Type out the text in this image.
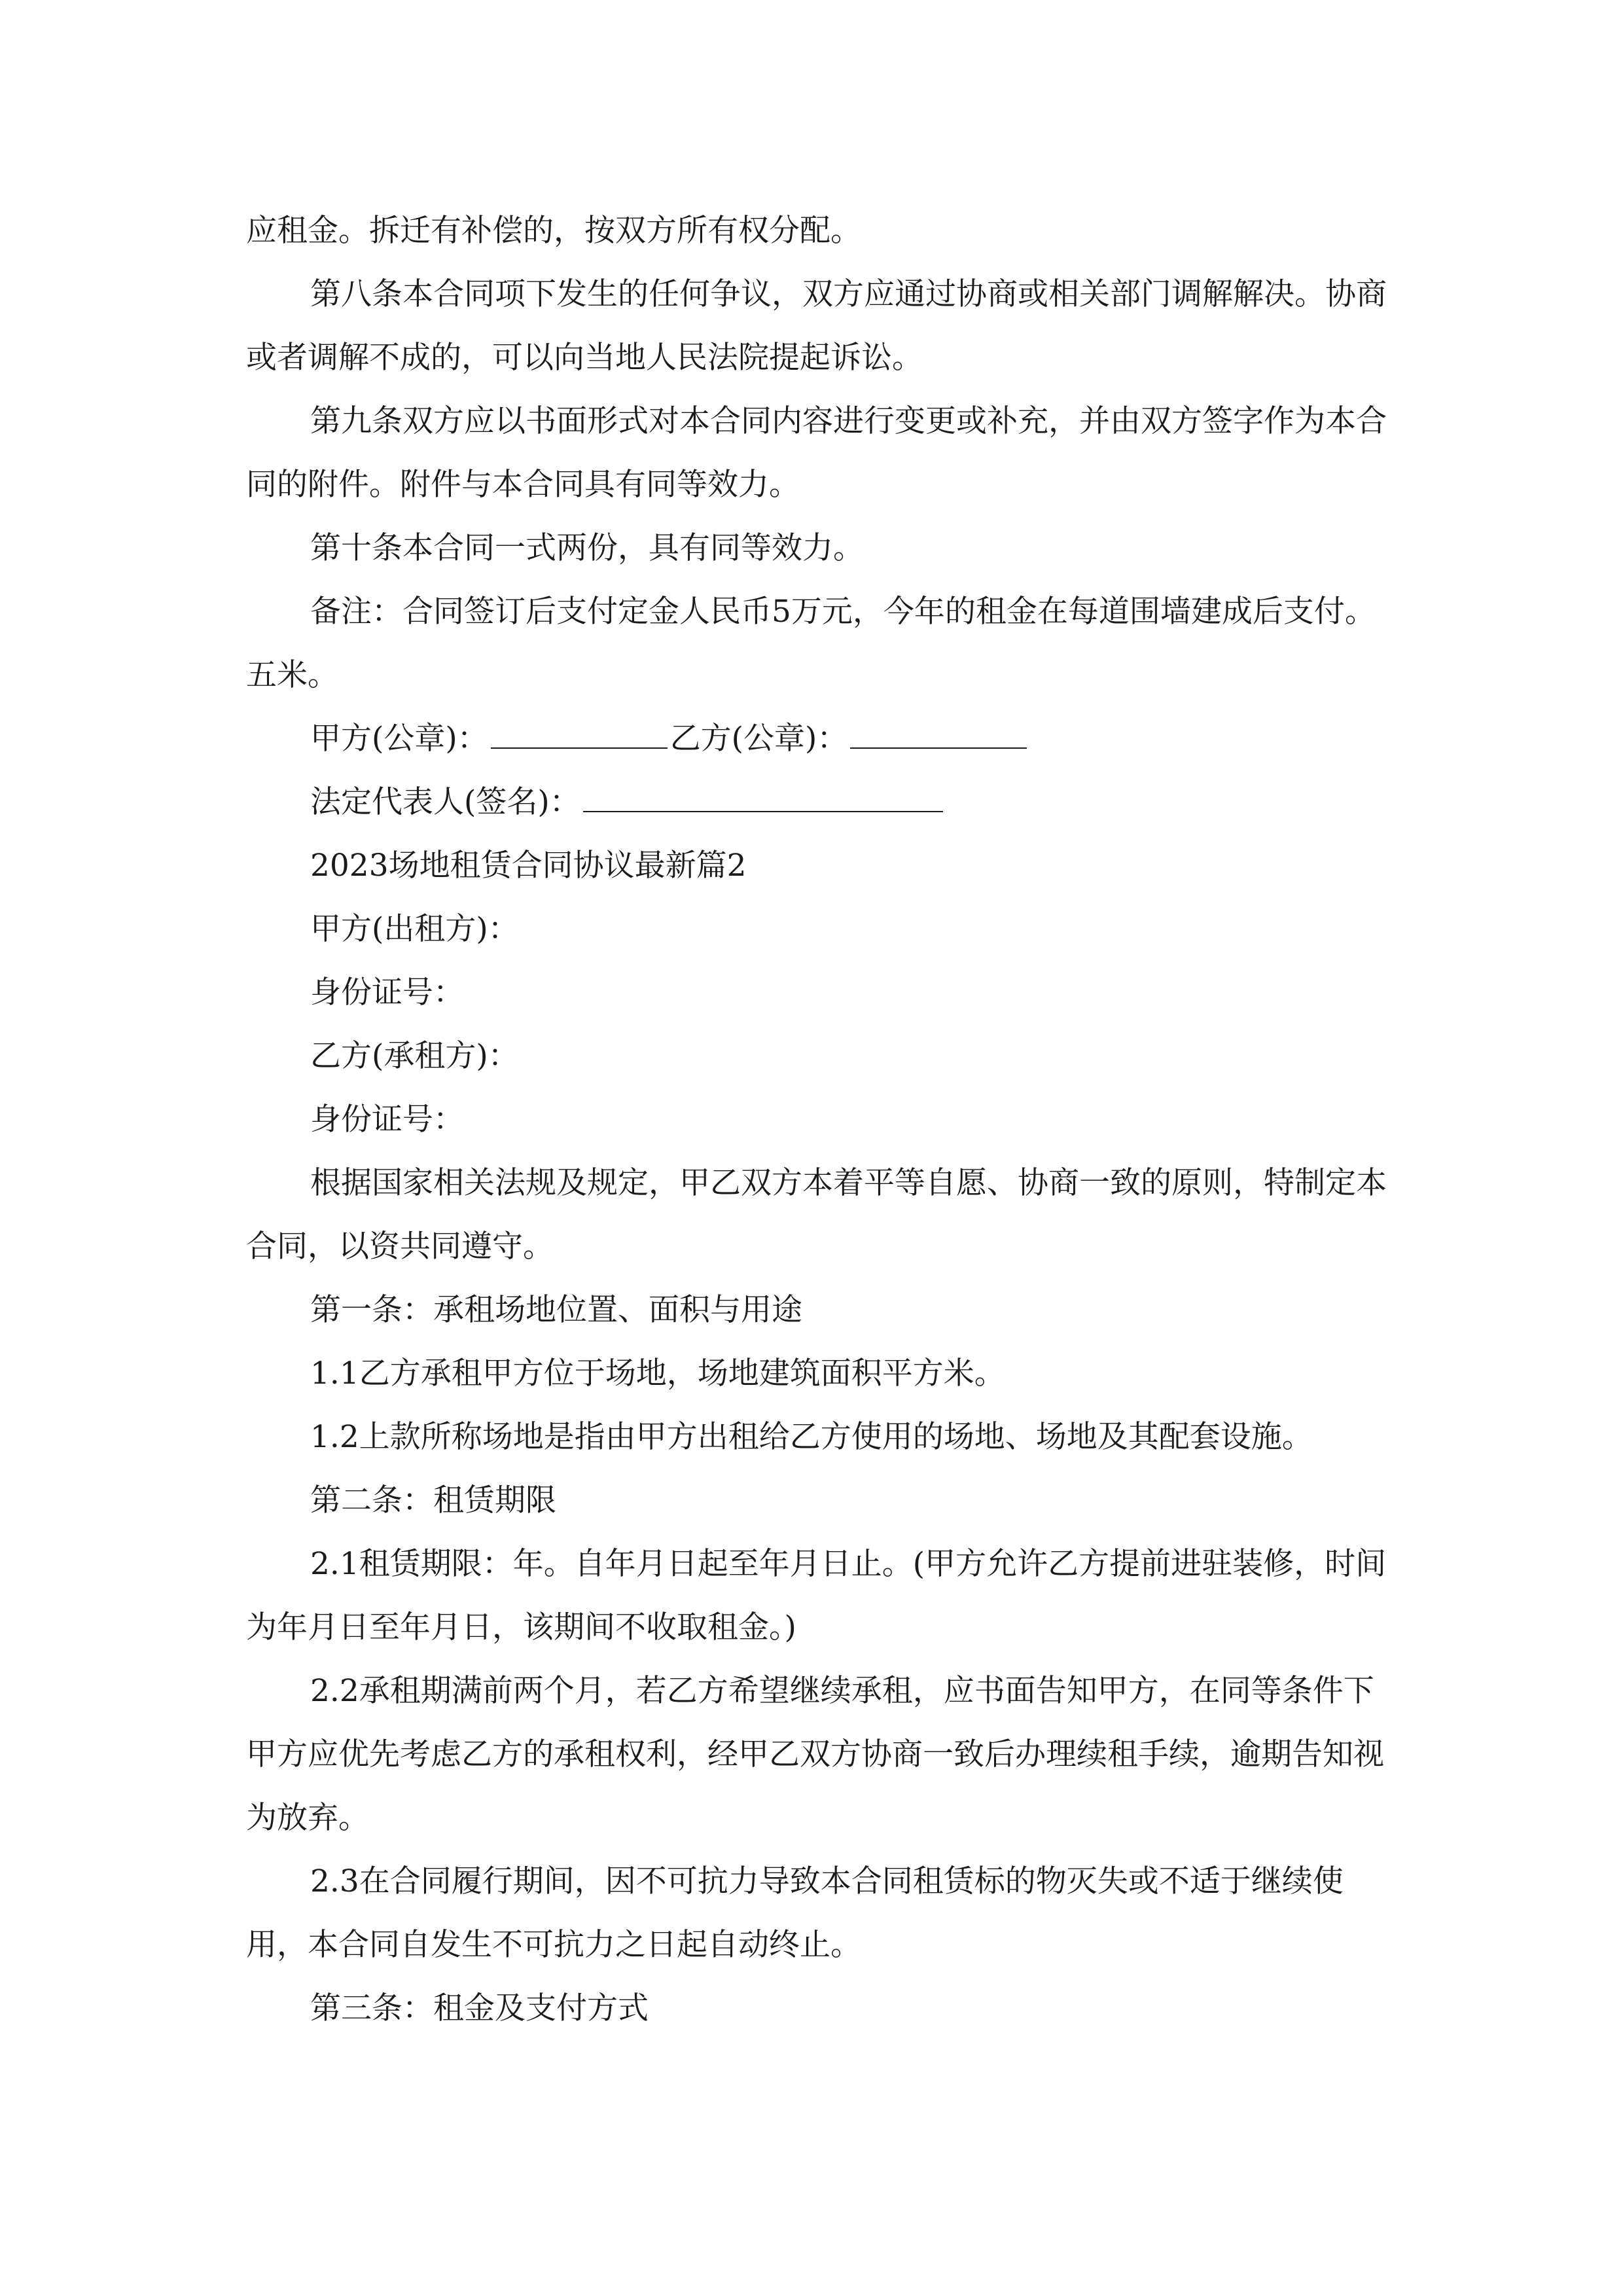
应租金。拆迁有补偿的，按双方所有权分配。

第八条本合同项下发生的任何争议，双方应通过协商或相关部门调解解决。协商或者调解不成的，可以向当地人民法院提起诉讼。

第九条双方应以书面形式对本合同内容进行变更或补充，并由双方签字作为本合同的附件。附件与本合同具有同等效力。

第十条本合同一式两份，具有同等效力。

备注：合同签订后支付定金人民币5万元，今年的租金在每道围墙建成后支付。五米。

甲方(公章)：	乙方(公章)：

法定代表人(签名)：

2023场地租赁合同协议最新篇2

甲方(出租方)：

身份证号：

乙方(承租方)：

身份证号：

根据国家相关法规及规定，甲乙双方本着平等自愿、协商一致的原则，特制定本合同，以资共同遵守。

第一条：承租场地位置、面积与用途

1.1乙方承租甲方位于场地，场地建筑面积平方米。

1.2上款所称场地是指由甲方出租给乙方使用的场地、场地及其配套设施。

第二条：租赁期限

2.1租赁期限：年。自年月日起至年月日止。(甲方允许乙方提前进驻装修，时间为年月日至年月日，该期间不收取租金。)

2.2承租期满前两个月，若乙方希望继续承租，应书面告知甲方，在同等条件下甲方应优先考虑乙方的承租权利，经甲乙双方协商一致后办理续租手续，逾期告知视为放弃。

2.3在合同履行期间，因不可抗力导致本合同租赁标的物灭失或不适于继续使用，本合同自发生不可抗力之日起自动终止。

第三条：租金及支付方式
